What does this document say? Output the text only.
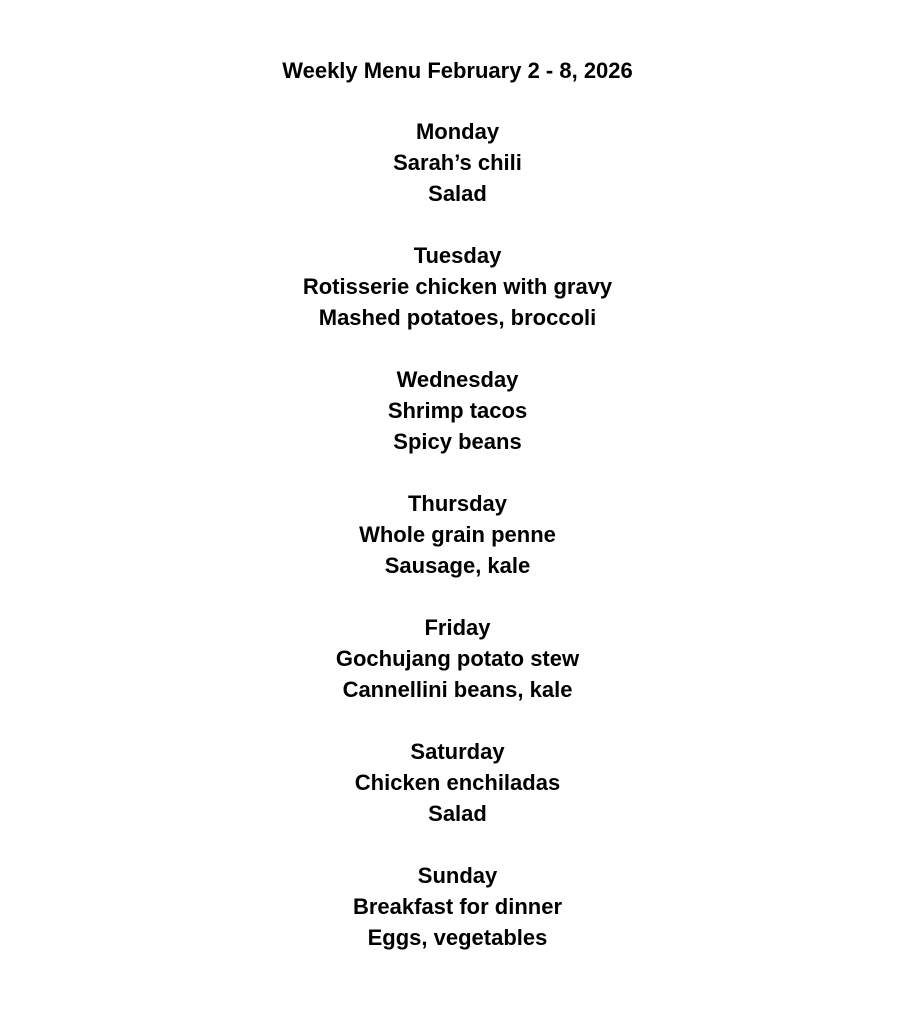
Weekly Menu February 2 - 8, 2026
Monday
Sarah’s chili
Salad
Tuesday
Rotisserie chicken with gravy
Mashed potatoes, broccoli
Wednesday
Shrimp tacos
Spicy beans
Thursday
Whole grain penne
Sausage, kale
Friday
Gochujang potato stew
Cannellini beans, kale
Saturday
Chicken enchiladas
Salad
Sunday
Breakfast for dinner
Eggs, vegetables
